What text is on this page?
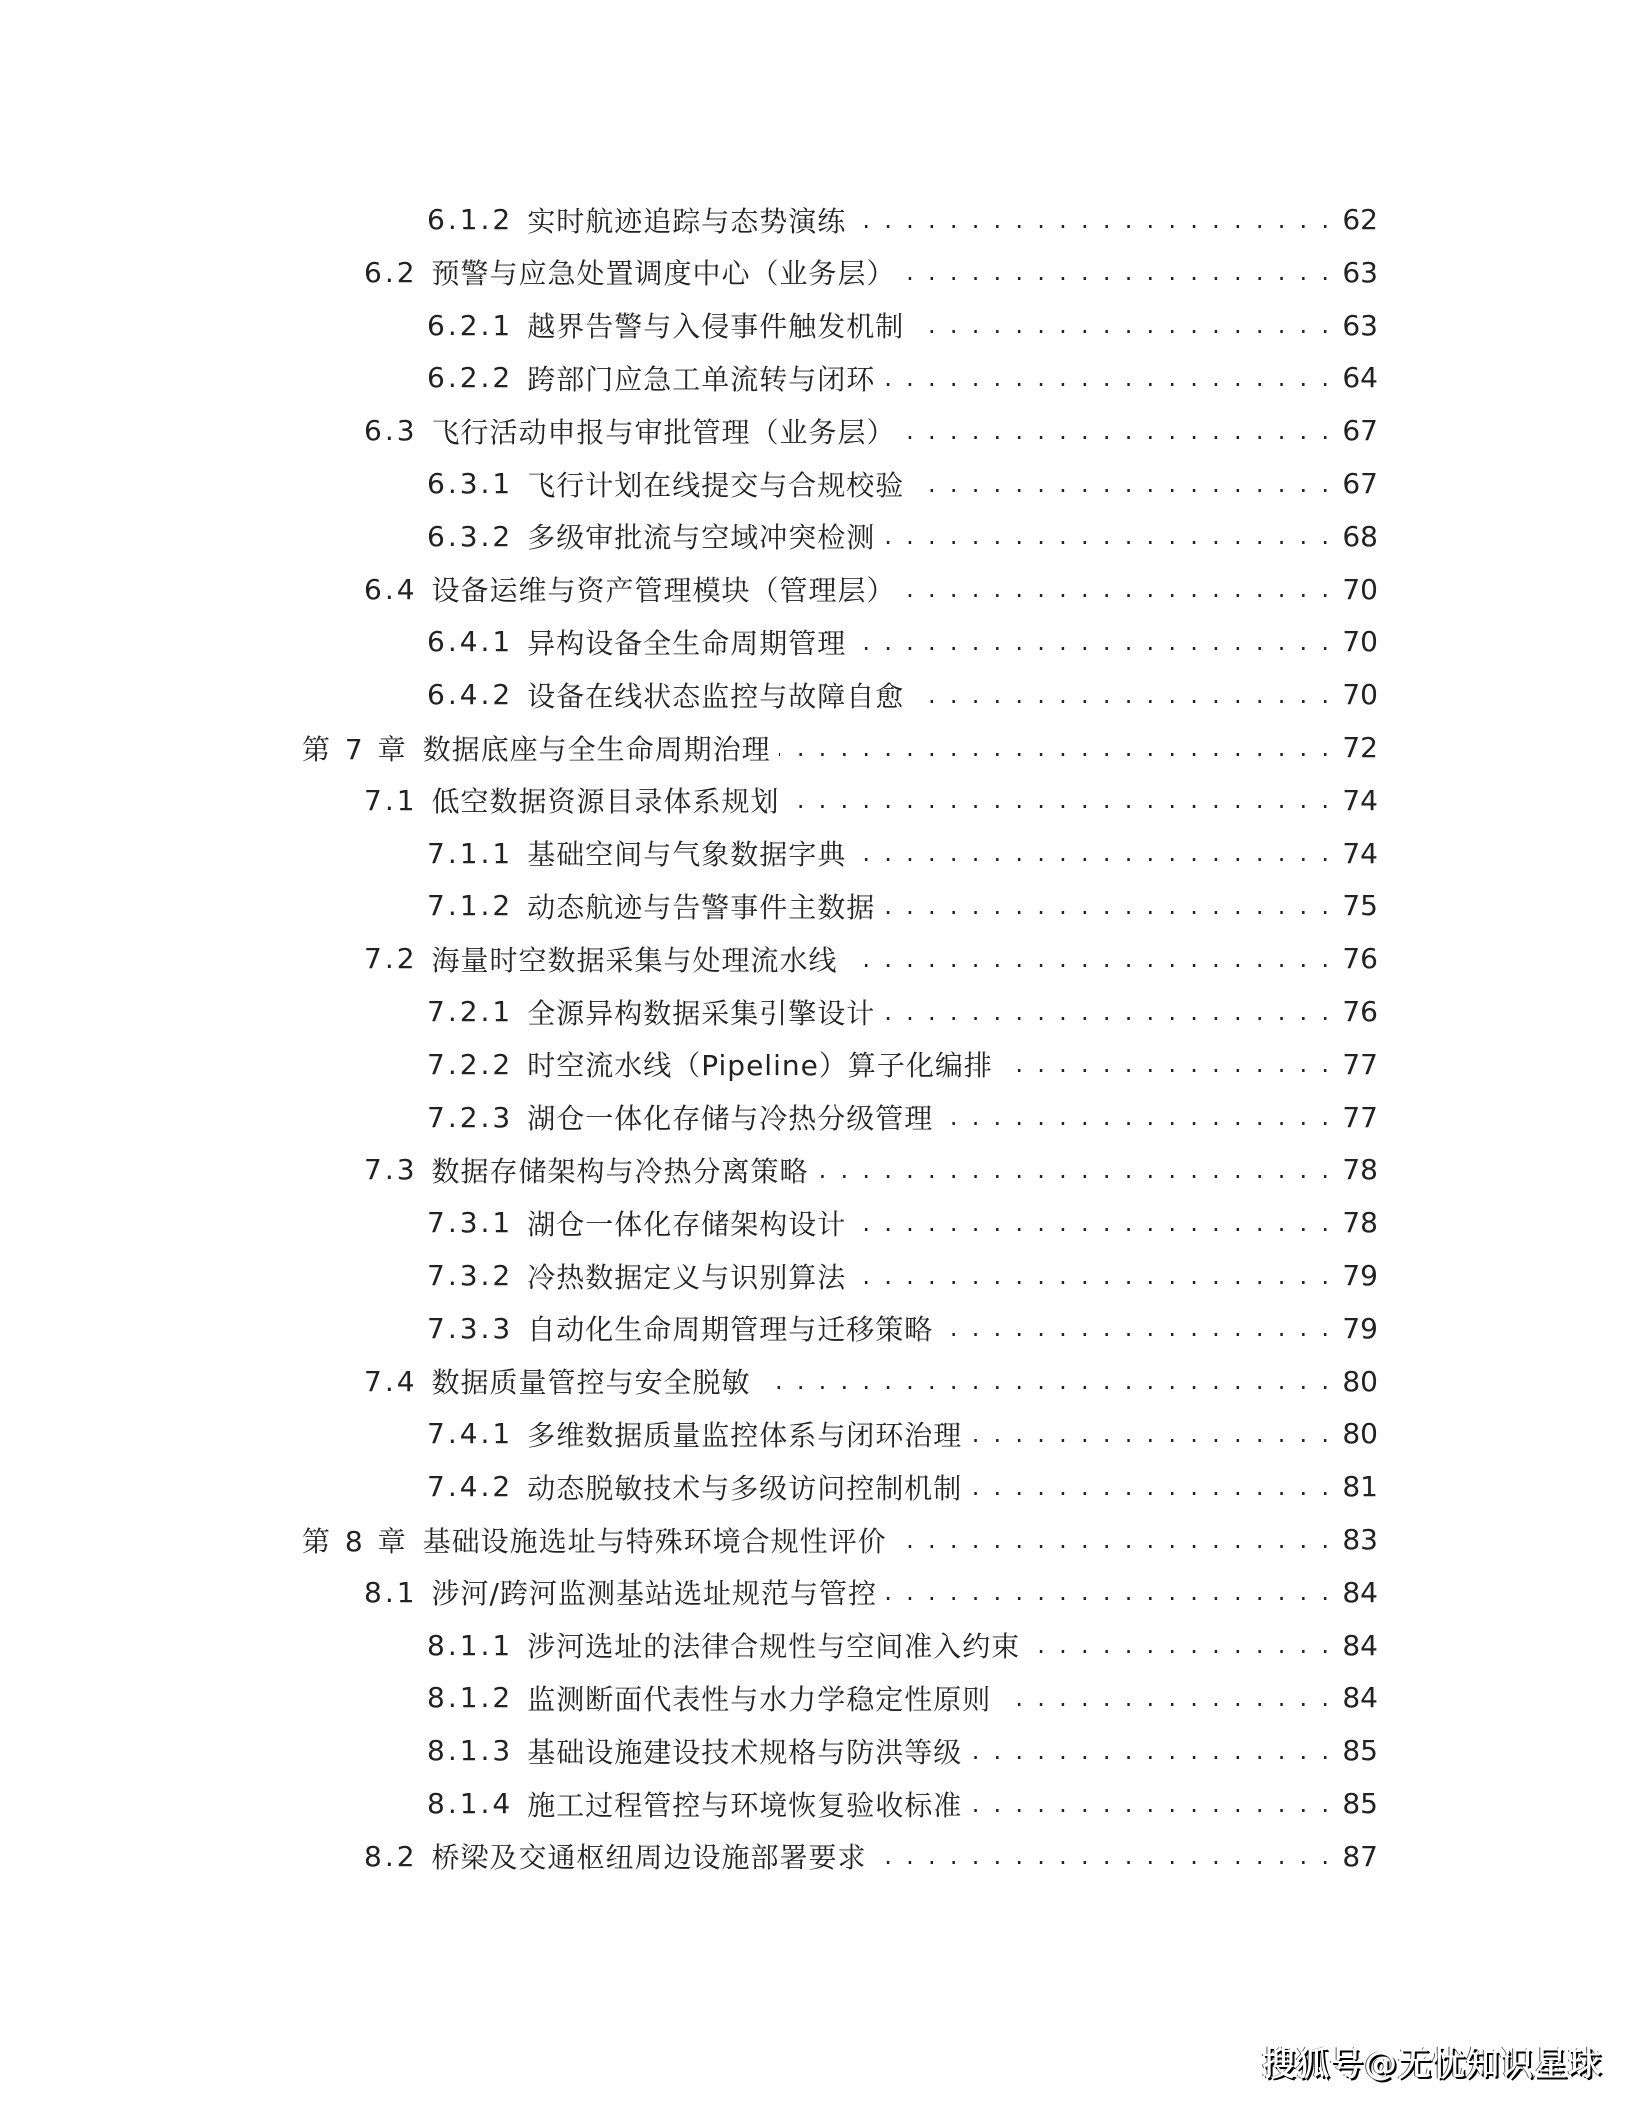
6.1.2 实时航迹追踪与态势演练 . . .	62
6.2 预警与应急处置调度中心（业务层） . . .	63
6.2.1 越界告警与入侵事件触发机制 . . .	63
6.2.2 跨部门应急工单流转与闭环 . . .	64
6.3 飞行活动申报与审批管理（业务层） . . .	67
6.3.1 飞行计划在线提交与合规校验 . . .	67
6.3.2 多级审批流与空域冲突检测 . . .	68
6.4 设备运维与资产管理模块（管理层） . . .	70
6.4.1 异构设备全生命周期管理 . . .	70
6.4.2 设备在线状态监控与故障自愈 . . .	70
第 7 章 数据底座与全生命周期治理 . . .	72
7.1 低空数据资源目录体系规划 . . .	74
7.1.1 基础空间与气象数据字典 . . .	74
7.1.2 动态航迹与告警事件主数据 . . .	75
7.2 海量时空数据采集与处理流水线 . . .	76
7.2.1 全源异构数据采集引擎设计 . . .	76
7.2.2 时空流水线（Pipeline）算子化编排 . . .	77
7.2.3 湖仓一体化存储与冷热分级管理 . . .	77
7.3 数据存储架构与冷热分离策略 . . .	78
7.3.1 湖仓一体化存储架构设计 . . .	78
7.3.2 冷热数据定义与识别算法 . . .	79
7.3.3 自动化生命周期管理与迁移策略 . . .	79
7.4 数据质量管控与安全脱敏 . . .	80
7.4.1 多维数据质量监控体系与闭环治理 . . .	80
7.4.2 动态脱敏技术与多级访问控制机制 . . .	81
第 8 章 基础设施选址与特殊环境合规性评价 . . .	83
8.1 涉河/跨河监测基站选址规范与管控 . . .	84
8.1.1 涉河选址的法律合规性与空间准入约束 . . .	84
8.1.2 监测断面代表性与水力学稳定性原则 . . .	84
8.1.3 基础设施建设技术规格与防洪等级 . . .	85
8.1.4 施工过程管控与环境恢复验收标准 . . .	85
8.2 桥梁及交通枢纽周边设施部署要求 . . .	87
搜狐号@无忧知识星球
